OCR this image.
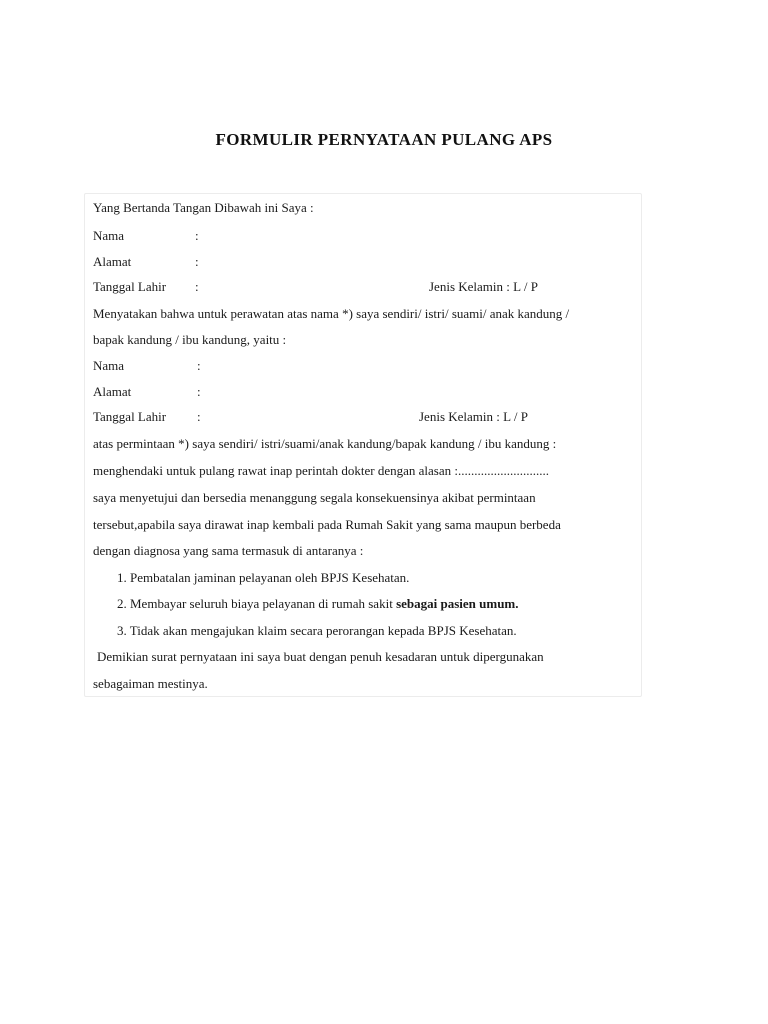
FORMULIR PERNYATAAN PULANG APS
Yang Bertanda Tangan Dibawah ini Saya :
Nama	:
Alamat	:
Tanggal Lahir :	Jenis Kelamin : L / P
Menyatakan bahwa untuk perawatan atas nama *) saya sendiri/ istri/ suami/ anak kandung /
bapak kandung / ibu kandung, yaitu :
Nama	:
Alamat	:
Tanggal Lahir :	Jenis Kelamin : L / P
atas permintaan *) saya sendiri/ istri/suami/anak kandung/bapak kandung / ibu kandung :
menghendaki untuk pulang rawat inap perintah dokter dengan alasan :............................
saya menyetujui dan bersedia menanggung segala konsekuensinya akibat permintaan
tersebut,apabila saya dirawat inap kembali pada Rumah Sakit yang sama maupun berbeda
dengan diagnosa yang sama termasuk di antaranya :
1. Pembatalan jaminan pelayanan oleh BPJS Kesehatan.
2. Membayar seluruh biaya pelayanan di rumah sakit sebagai pasien umum.
3. Tidak akan mengajukan klaim secara perorangan kepada BPJS Kesehatan.
Demikian surat pernyataan ini saya buat dengan penuh kesadaran untuk dipergunakan
sebagaiman mestinya.
